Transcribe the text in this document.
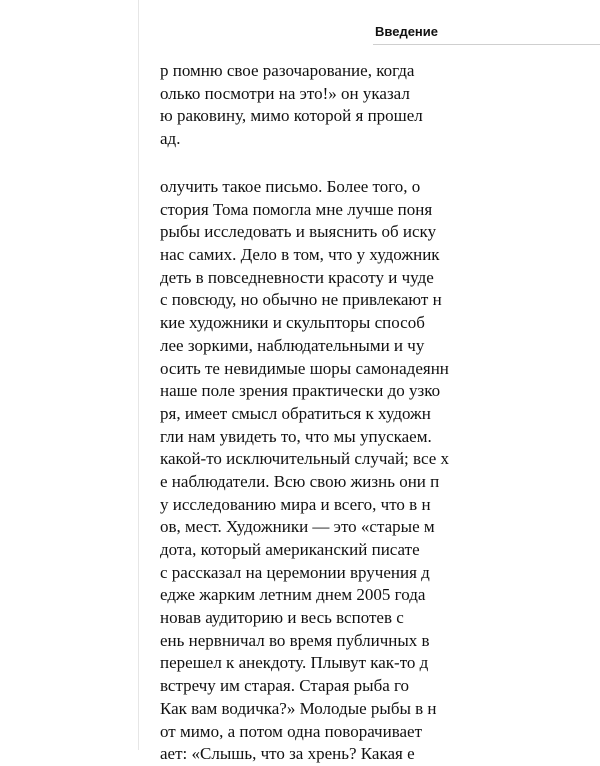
Введение
р помню свое разочарование, когда
олько посмотри на это!» он указал
ю раковину, мимо которой я прошел
ад.
олучить такое письмо. Более того, о
стория Тома помогла мне лучше поня
рыбы исследовать и выяснить об иску
нас самих. Дело в том, что у художник
деть в повседневности красоту и чуде
с повсюду, но обычно не привлекают н
кие художники и скульпторы способ
лее зоркими, наблюдательными и чу
осить те невидимые шоры самонадеянн
наше поле зрения практически до узко
ря, имеет смысл обратиться к художн
гли нам увидеть то, что мы упускаем.
какой-то исключительный случай; все х
е наблюдатели. Всю свою жизнь они п
у исследованию мира и всего, что в н
ов, мест. Художники — это «старые м
дота, который американский писате
с рассказал на церемонии вручения д
едже жарким летним днем 2005 года
новав аудиторию и весь вспотев с
ень нервничал во время публичных в
перешел к анекдоту. Плывут как-то д
встречу им старая. Старая рыба го
Как вам водичка?» Молодые рыбы в н
от мимо, а потом одна поворачивает
ает: «Слышь, что за хрень? Какая е
